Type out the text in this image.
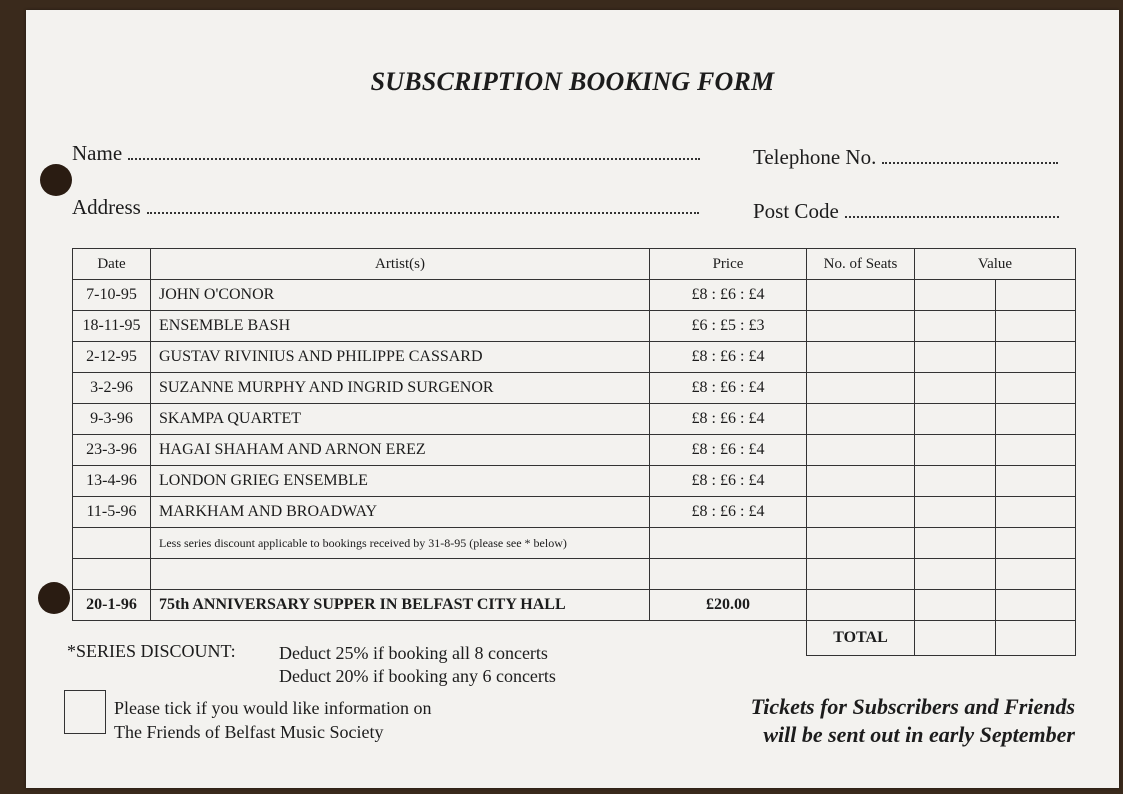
SUBSCRIPTION BOOKING FORM
Name	Telephone No.
Address	Post Code
Date	Artist(s)	Price	No. of Seats	Value	
7-10-95	JOHN O'CONOR	£8 : £6 : £4			
18-11-95	ENSEMBLE BASH	£6 : £5 : £3			
2-12-95	GUSTAV RIVINIUS AND PHILIPPE CASSARD	£8 : £6 : £4			
3-2-96	SUZANNE MURPHY AND INGRID SURGENOR	£8 : £6 : £4			
9-3-96	SKAMPA QUARTET	£8 : £6 : £4			
23-3-96	HAGAI SHAHAM AND ARNON EREZ	£8 : £6 : £4			
13-4-96	LONDON GRIEG ENSEMBLE	£8 : £6 : £4			
11-5-96	MARKHAM AND BROADWAY	£8 : £6 : £4			
	Less series discount applicable to bookings received by 31-8-95 (please see * below)				

20-1-96	75th ANNIVERSARY SUPPER IN BELFAST CITY HALL	£20.00			
			TOTAL		
*SERIES DISCOUNT: Deduct 25% if booking all 8 concerts
Deduct 20% if booking any 6 concerts
Please tick if you would like information on
The Friends of Belfast Music Society
Tickets for Subscribers and Friends
will be sent out in early September
